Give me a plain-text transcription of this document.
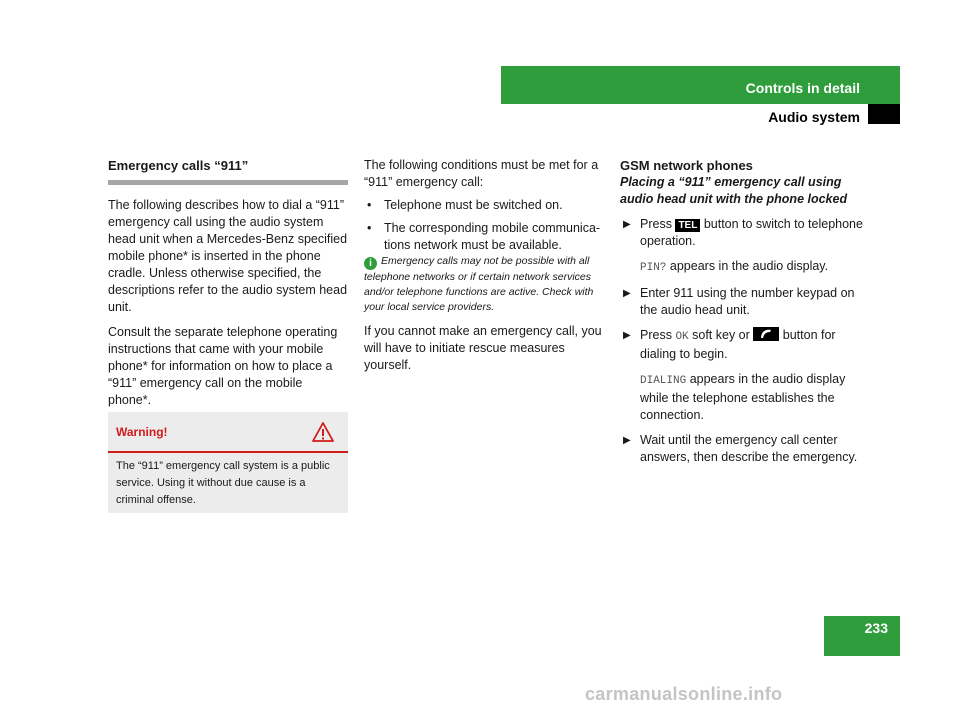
Controls in detail
Audio system

Emergency calls “911”

The following describes how to dial a “911” emergency call using the audio system head unit when a Mercedes-Benz specified mobile phone* is inserted in the phone cradle. Unless otherwise specified, the descriptions refer to the audio system head unit.

Consult the separate telephone operating instructions that came with your mobile phone* for information on how to place a “911” emergency call on the mobile phone*.

Warning!
The “911” emergency call system is a public service. Using it without due cause is a criminal offense.

The following conditions must be met for a “911” emergency call:

• Telephone must be switched on.
• The corresponding mobile communica-tions network must be available.

i Emergency calls may not be possible with all telephone networks or if certain network services and/or telephone functions are active. Check with your local service providers.

If you cannot make an emergency call, you will have to initiate rescue measures yourself.

GSM network phones

Placing a “911” emergency call using audio head unit with the phone locked

▶ Press TEL button to switch to telephone operation.
PIN? appears in the audio display.
▶ Enter 911 using the number keypad on the audio head unit.
▶ Press OK soft key or	button for dialing to begin.
DIALING appears in the audio display while the telephone establishes the connection.
▶ Wait until the emergency call center answers, then describe the emergency.
233
carmanualsonline.info
